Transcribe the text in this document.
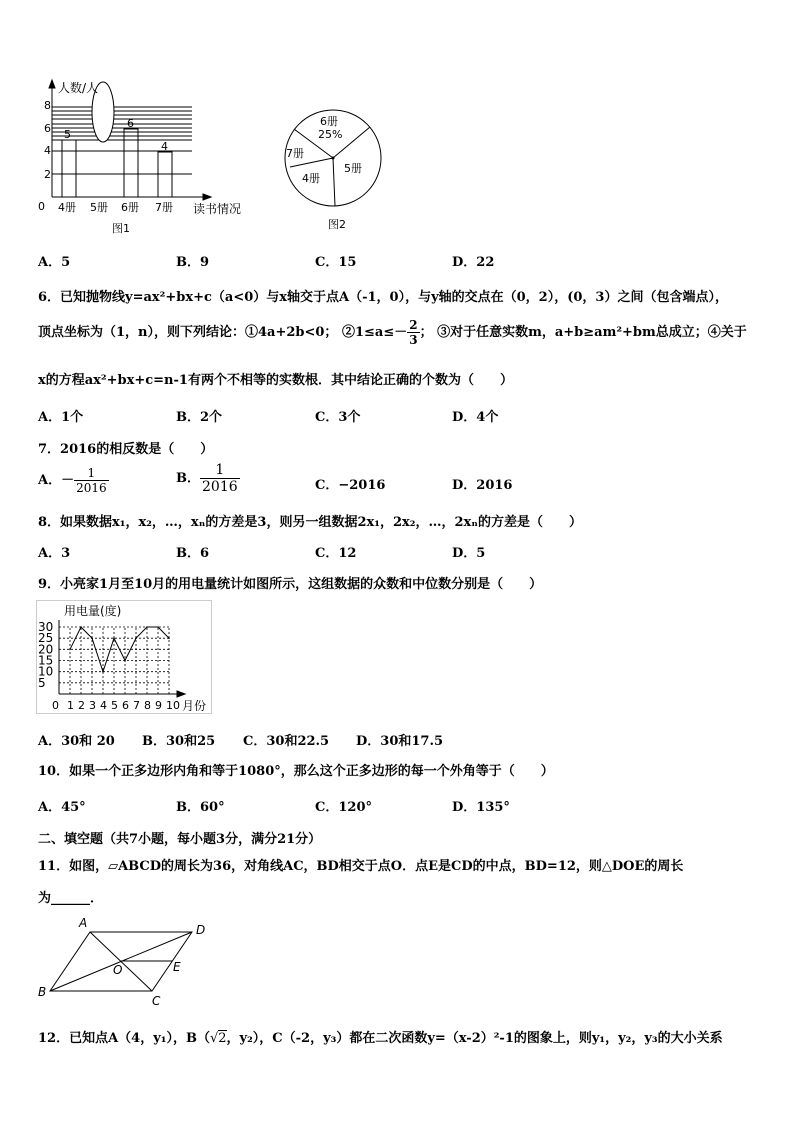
8
6
4
2
0
人数/人
5
6
4
4册 5册 6册 7册 读书情况
图1
6册
25%
5册
4册
7册
图2
A．5	B．9	C．15	D．22
6．已知抛物线y=ax²+bx+c（a<0）与x轴交于点A（-1，0），与y轴的交点在（0，2），(0，3）之间（包含端点），
顶点坐标为（1，n），则下列结论：①4a+2b<0； ②1≤a≤－ $\frac{2}{3}$ ； ③对于任意实数m，a+b≥am²+bm总成立；④关于
x的方程ax²+bx+c=n-1有两个不相等的实数根．其中结论正确的个数为（　　）
A．1个	B．2个	C．3个	D．4个
7．2016的相反数是（　　）
A．－ $\frac{1}{2016}$	B． $\frac{1}{2016}$	C．−2016	D．2016
8．如果数据x₁，x₂，…，xₙ的方差是3，则另一组数据2x₁，2x₂，…，2xₙ的方差是（　　）
A．3	B．6	C．12	D．5
9．小亮家1月至10月的用电量统计如图所示，这组数据的众数和中位数分别是（　　）
用电量(度)
月份
5
10
15
20
25
30
0 1 2 3 4 5 6 7 8 9 10
A．30和 20 B．30和25 C．30和22.5 D．30和17.5
10．如果一个正多边形内角和等于1080°，那么这个正多边形的每一个外角等于（　　）
A．45°	B．60°	C．120°	D．135°
二、填空题（共7小题，每小题3分，满分21分）
11．如图，▱ABCD的周长为36，对角线AC，BD相交于点O．点E是CD的中点，BD=12，则△DOE的周长
为______．
A	D
O	E
B
C
12．已知点A（4，y₁），B（√2，y₂），C（-2，y₃）都在二次函数y=（x-2）²-1的图象上，则y₁，y₂，y₃的大小关系
